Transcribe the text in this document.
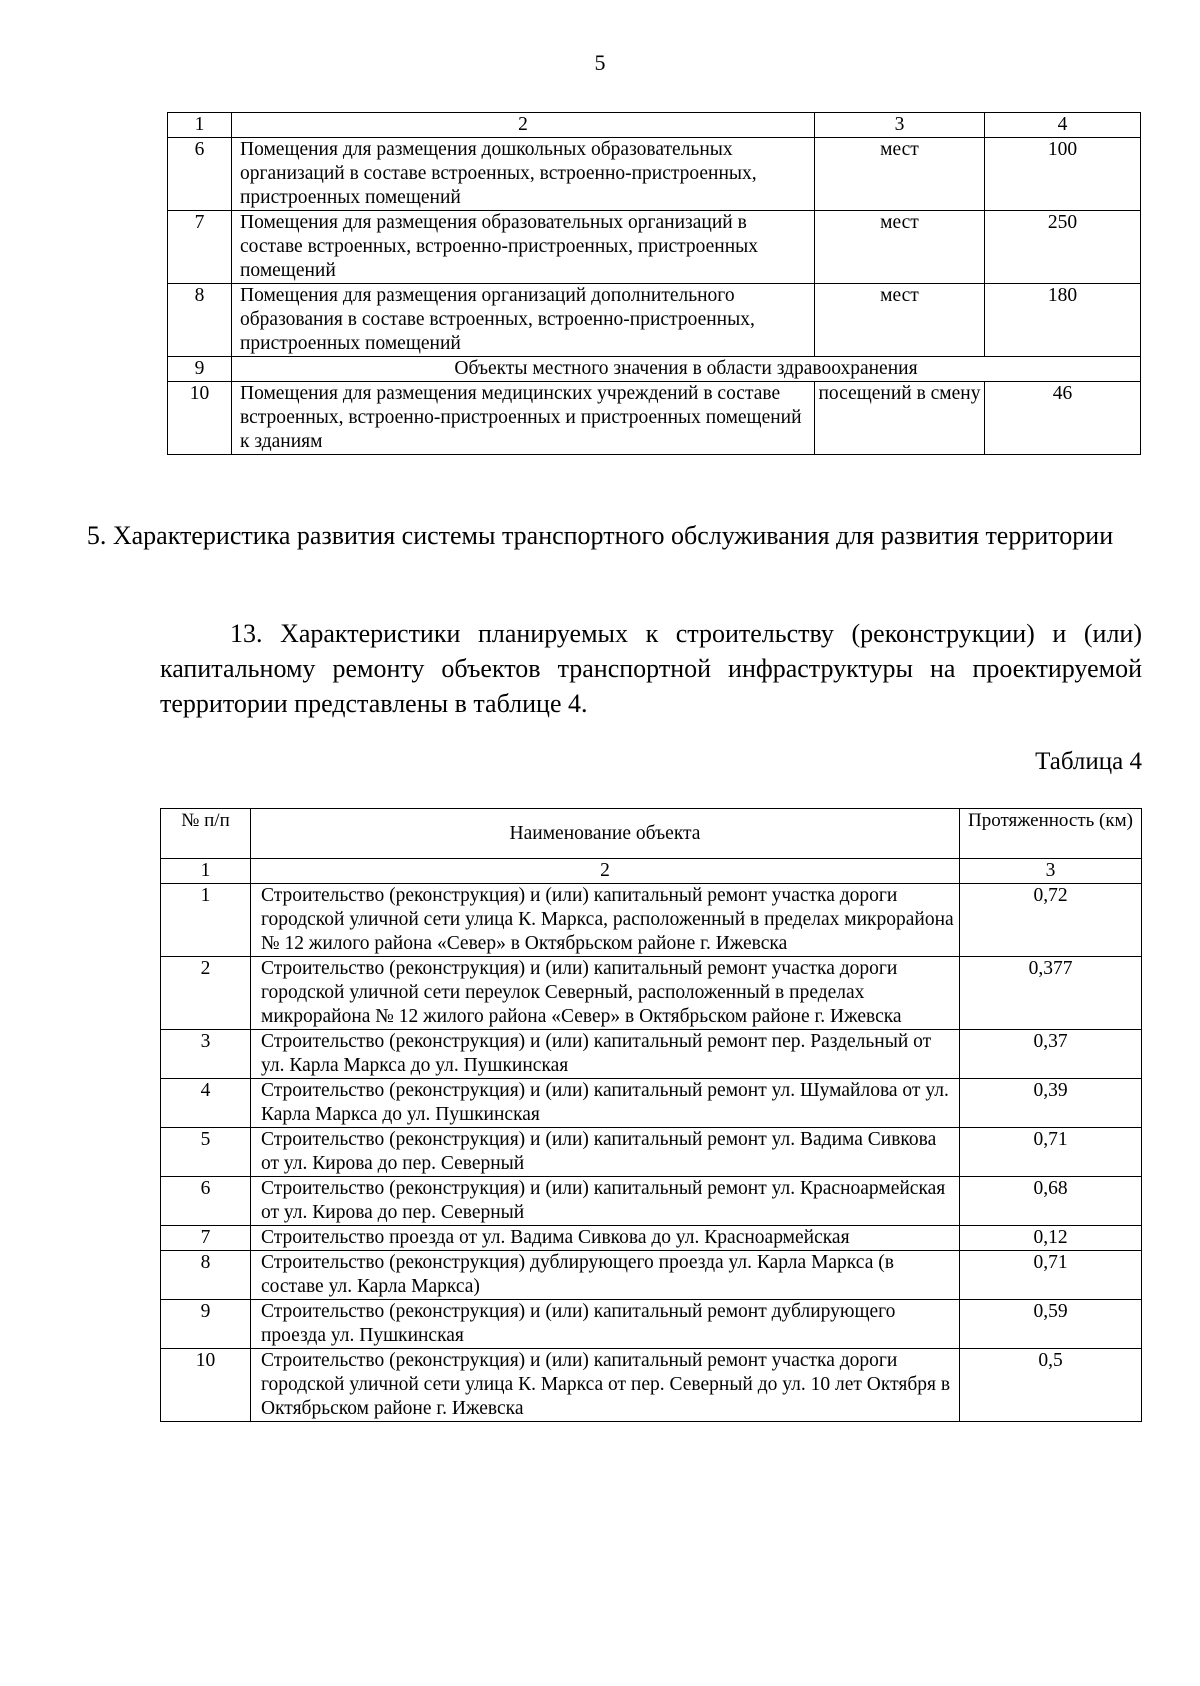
5
1	2	3	4
6	Помещения для размещения дошкольных образовательных организаций в составе встроенных, встроенно-пристроенных, пристроенных помещений	мест	100
7	Помещения для размещения образовательных организаций в составе встроенных, встроенно-пристроенных, пристроенных помещений	мест	250
8	Помещения для размещения организаций дополнительного образования в составе встроенных, встроенно-пристроенных, пристроенных помещений	мест	180
9	Объекты местного значения в области здравоохранения		
10	Помещения для размещения медицинских учреждений в составе встроенных, встроенно-пристроенных и пристроенных помещений к зданиям	посещений в смену	46
5. Характеристика развития системы транспортного обслуживания для развития территории
13. Характеристики планируемых к строительству (реконструкции) и (или) капитальному ремонту объектов транспортной инфраструктуры на проектируемой территории представлены в таблице 4.
Таблица 4
№ п/п	Наименование объекта	Протяженность (км)
1	2	3
1	Строительство (реконструкция) и (или) капитальный ремонт участка дороги городской уличной сети улица К. Маркса, расположенный в пределах микрорайона № 12 жилого района «Север» в Октябрьском районе г. Ижевска	0,72
2	Строительство (реконструкция) и (или) капитальный ремонт участка дороги городской уличной сети переулок Северный, расположенный в пределах микрорайона № 12 жилого района «Север» в Октябрьском районе г. Ижевска	0,377
3	Строительство (реконструкция) и (или) капитальный ремонт пер. Раздельный от ул. Карла Маркса до ул. Пушкинская	0,37
4	Строительство (реконструкция) и (или) капитальный ремонт ул. Шумайлова от ул. Карла Маркса до ул. Пушкинская	0,39
5	Строительство (реконструкция) и (или) капитальный ремонт ул. Вадима Сивкова от ул. Кирова до пер. Северный	0,71
6	Строительство (реконструкция) и (или) капитальный ремонт ул. Красноармейская от ул. Кирова до пер. Северный	0,68
7	Строительство проезда от ул. Вадима Сивкова до ул. Красноармейская	0,12
8	Строительство (реконструкция) дублирующего проезда ул. Карла Маркса (в составе ул. Карла Маркса)	0,71
9	Строительство (реконструкция) и (или) капитальный ремонт дублирующего проезда ул. Пушкинская	0,59
10	Строительство (реконструкция) и (или) капитальный ремонт участка дороги городской уличной сети улица К. Маркса от пер. Северный до ул. 10 лет Октября в Октябрьском районе г. Ижевска	0,5
